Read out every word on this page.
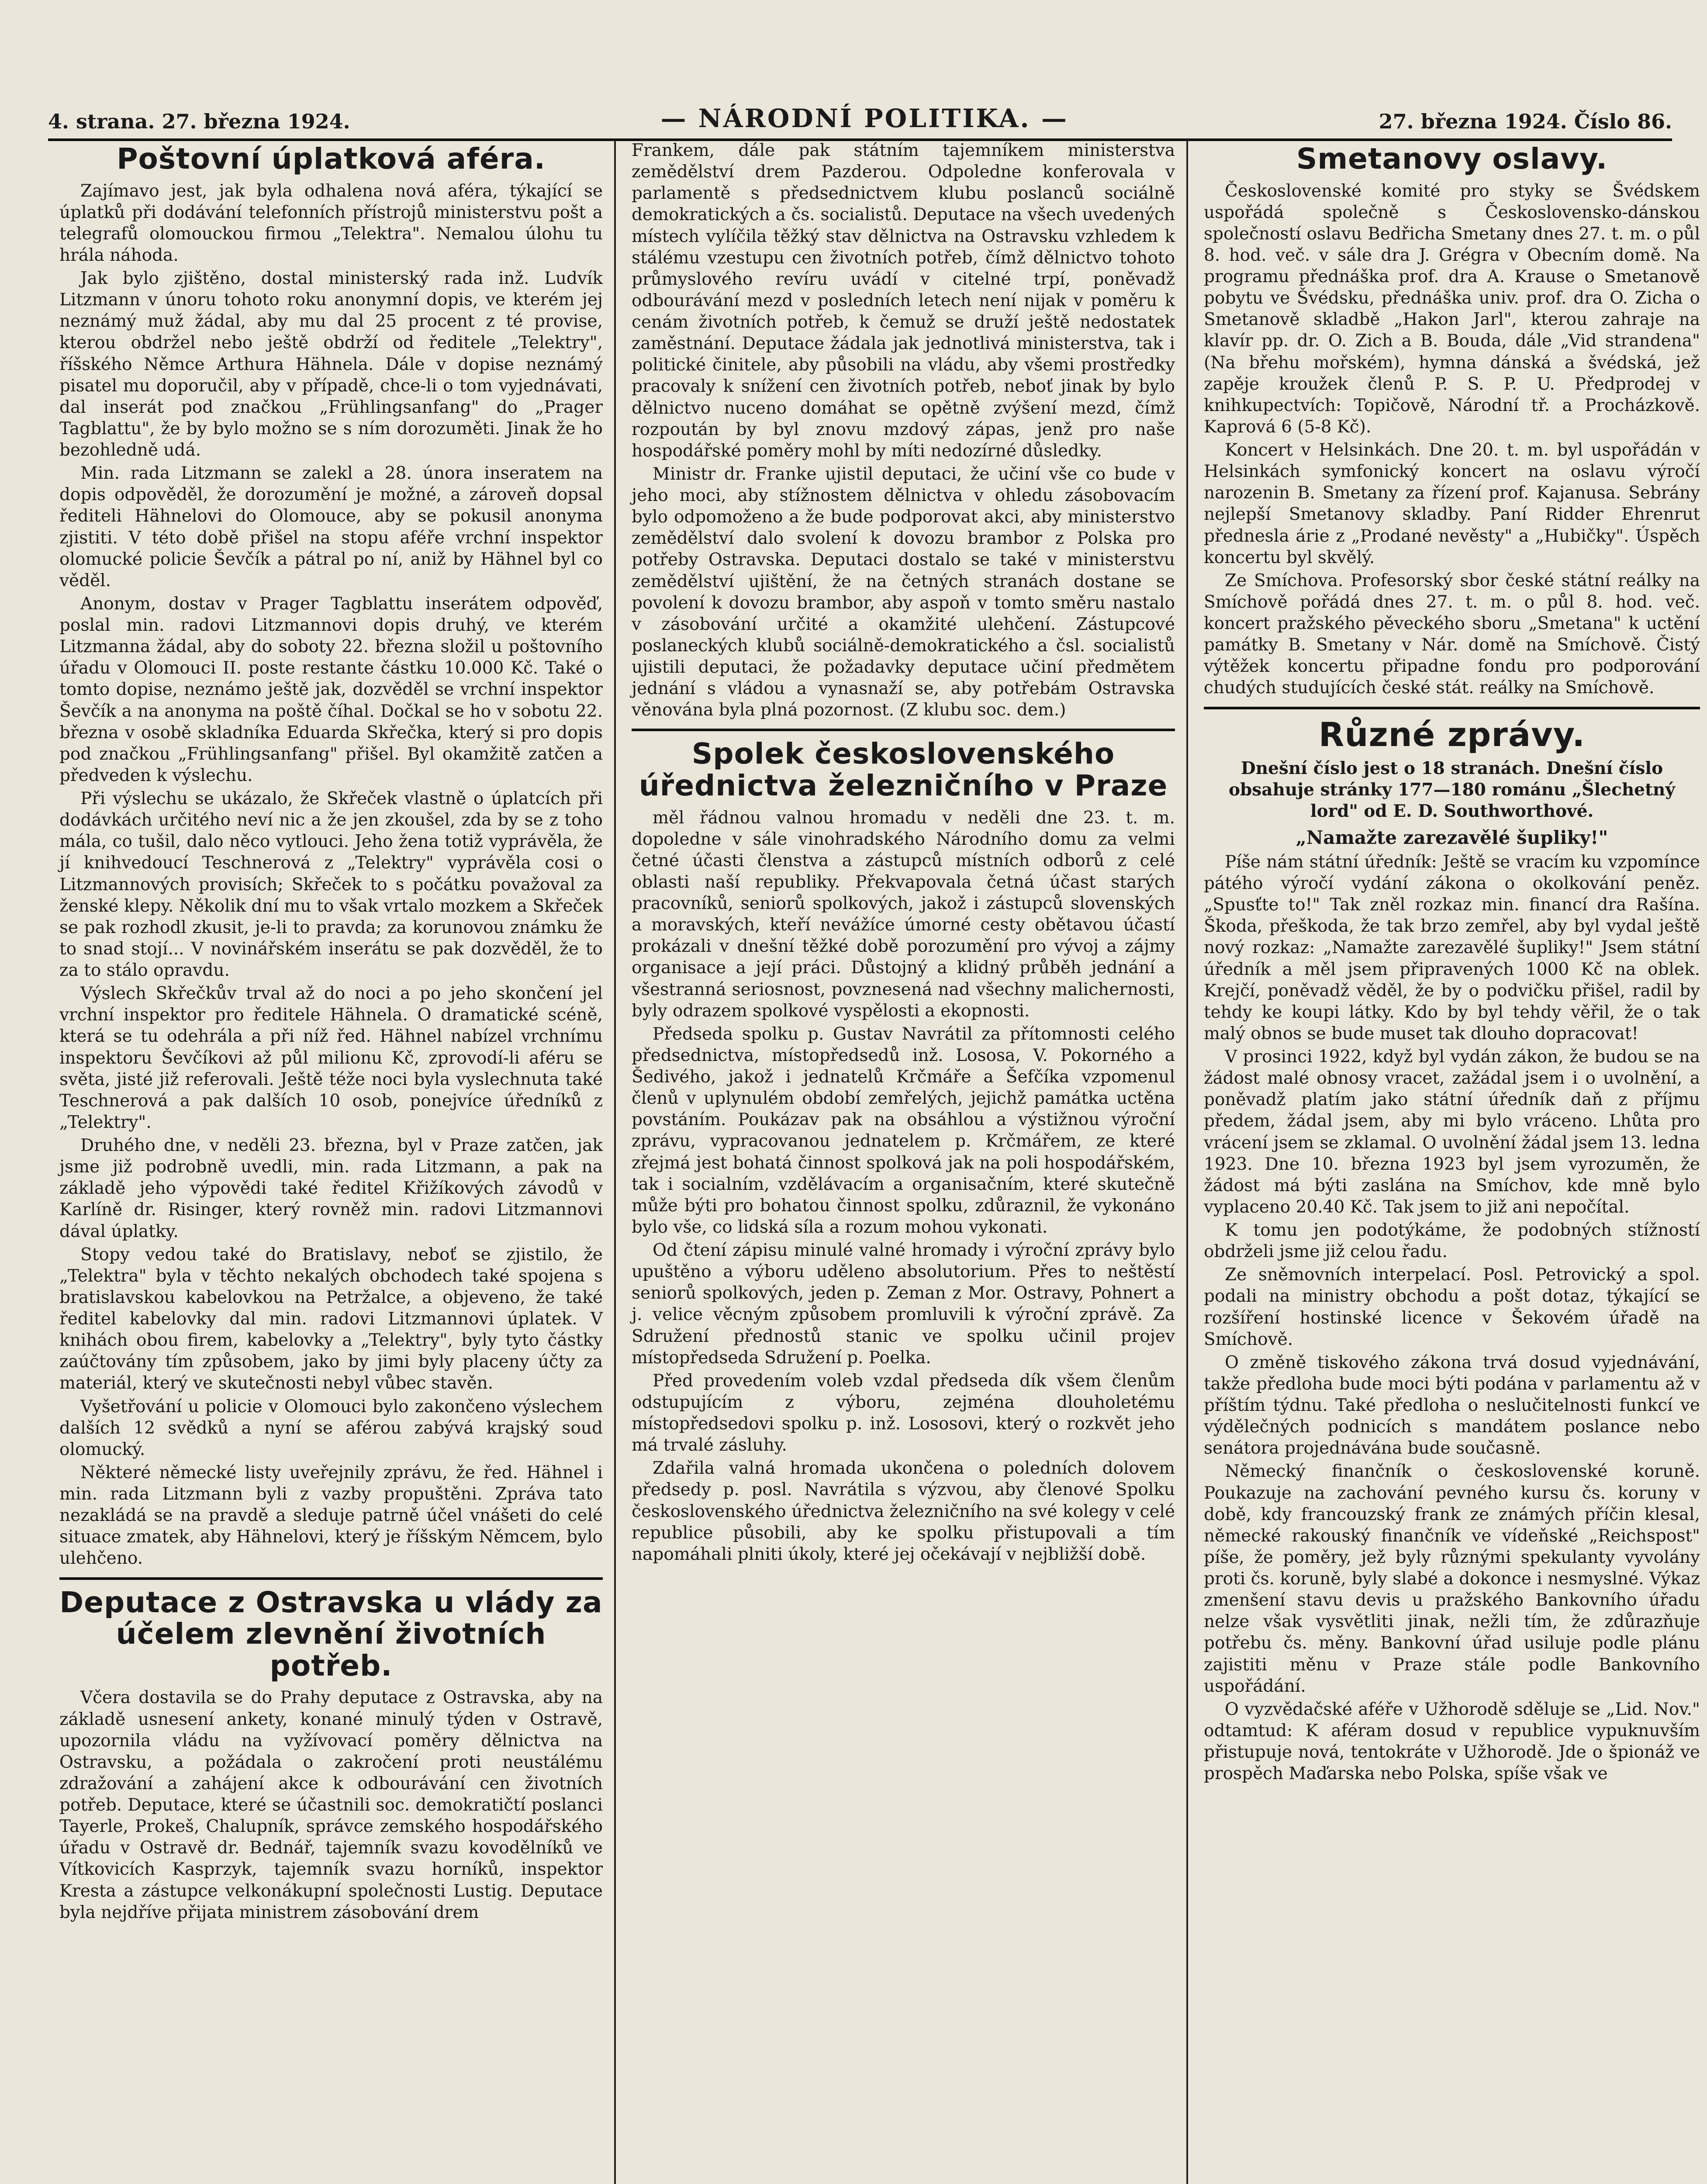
4. strana. 27. března 1924.	— NÁRODNÍ POLITIKA. —	27. března 1924. Číslo 86.
Poštovní úplatková aféra.

Zajímavo jest, jak byla odhalena nová aféra, týkající se úplatků při dodávání telefonních přístrojů ministerstvu pošt a telegrafů olomouckou firmou „Telektra". Nemalou úlohu tu hrála náhoda.

Jak bylo zjištěno, dostal ministerský rada inž. Ludvík Litzmann v únoru tohoto roku anonymní dopis, ve kterém jej neznámý muž žádal, aby mu dal 25 procent z té provise, kterou obdržel nebo ještě obdrží od ředitele „Telektry", říšského Němce Arthura Hähnela. Dále v dopise neznámý pisatel mu doporučil, aby v případě, chce-li o tom vyjednávati, dal inserát pod značkou „Frühlingsanfang" do „Prager Tagblattu", že by bylo možno se s ním dorozuměti. Jinak že ho bezohledně udá.

Min. rada Litzmann se zalekl a 28. února inseratem na dopis odpověděl, že dorozumění je možné, a zároveň dopsal řediteli Hähnelovi do Olomouce, aby se pokusil anonyma zjistiti. V této době přišel na stopu aféře vrchní inspektor olomucké policie Ševčík a pátral po ní, aniž by Hähnel byl co věděl.

Anonym, dostav v Prager Tagblattu inserátem odpověď, poslal min. radovi Litzmannovi dopis druhý, ve kterém Litzmanna žádal, aby do soboty 22. března složil u poštovního úřadu v Olomouci II. poste restante částku 10.000 Kč. Také o tomto dopise, neznámo ještě jak, dozvěděl se vrchní inspektor Ševčík a na anonyma na poště číhal. Dočkal se ho v sobotu 22. března v osobě skladníka Eduarda Skřečka, který si pro dopis pod značkou „Frühlingsanfang" přišel. Byl okamžitě zatčen a předveden k výslechu.

Při výslechu se ukázalo, že Skřeček vlastně o úplatcích při dodávkách určitého neví nic a že jen zkoušel, zda by se z toho mála, co tušil, dalo něco vytlouci. Jeho žena totiž vyprávěla, že jí knihvedoucí Teschnerová z „Telektry" vyprávěla cosi o Litzmannových provisích; Skřeček to s počátku považoval za ženské klepy. Několik dní mu to však vrtalo mozkem a Skřeček se pak rozhodl zkusit, je-li to pravda; za korunovou známku že to snad stojí... V novinářském inserátu se pak dozvěděl, že to za to stálo opravdu.

Výslech Skřečkův trval až do noci a po jeho skončení jel vrchní inspektor pro ředitele Hähnela. O dramatické scéně, která se tu odehrála a při níž řed. Hähnel nabízel vrchnímu inspektoru Ševčíkovi až půl milionu Kč, zprovodí-li aféru se světa, jisté již referovali. Ještě téže noci byla vyslechnuta také Teschnerová a pak dalších 10 osob, ponejvíce úředníků z „Telektry".

Druhého dne, v neděli 23. března, byl v Praze zatčen, jak jsme již podrobně uvedli, min. rada Litzmann, a pak na základě jeho výpovědi také ředitel Křižíkových závodů v Karlíně dr. Risinger, který rovněž min. radovi Litzmannovi dával úplatky.

Stopy vedou také do Bratislavy, neboť se zjistilo, že „Telektra" byla v těchto nekalých obchodech také spojena s bratislavskou kabelovkou na Petržalce, a objeveno, že také ředitel kabelovky dal min. radovi Litzmannovi úplatek. V knihách obou firem, kabelovky a „Telektry", byly tyto částky zaúčtovány tím způsobem, jako by jimi byly placeny účty za materiál, který ve skutečnosti nebyl vůbec stavěn.

Vyšetřování u policie v Olomouci bylo zakončeno výslechem dalších 12 svědků a nyní se aférou zabývá krajský soud olomucký.

Některé německé listy uveřejnily zprávu, že řed. Hähnel i min. rada Litzmann byli z vazby propuštěni. Zpráva tato nezakládá se na pravdě a sleduje patrně účel vnášeti do celé situace zmatek, aby Hähnelovi, který je říšským Němcem, bylo ulehčeno.

Deputace z Ostravska u vlády za účelem zlevnění životních potřeb.

Včera dostavila se do Prahy deputace z Ostravska, aby na základě usnesení ankety, konané minulý týden v Ostravě, upozornila vládu na vyžívovací poměry dělnictva na Ostravsku, a požádala o zakročení proti neustálému zdražování a zahájení akce k odbourávání cen životních potřeb. Deputace, které se účastnili soc. demokratičtí poslanci Tayerle, Prokeš, Chalupník, správce zemského hospodářského úřadu v Ostravě dr. Bednář, tajemník svazu kovodělníků ve Vítkovicích Kasprzyk, tajemník svazu horníků, inspektor Kresta a zástupce velkonákupní společnosti Lustig. Deputace byla nejdříve přijata ministrem zásobování drem

Frankem, dále pak státním tajemníkem ministerstva zemědělství drem Pazderou. Odpoledne konferovala v parlamentě s předsednictvem klubu poslanců sociálně demokratických a čs. socialistů. Deputace na všech uvedených místech vylíčila těžký stav dělnictva na Ostravsku vzhledem k stálému vzestupu cen životních potřeb, čímž dělnictvo tohoto průmyslového revíru uvádí v citelné trpí, poněvadž odbourávání mezd v posledních letech není nijak v poměru k cenám životních potřeb, k čemuž se druží ještě nedostatek zaměstnání. Deputace žádala jak jednotlivá ministerstva, tak i politické činitele, aby působili na vládu, aby všemi prostředky pracovaly k snížení cen životních potřeb, neboť jinak by bylo dělnictvo nuceno domáhat se opětně zvýšení mezd, čímž rozpoután by byl znovu mzdový zápas, jenž pro naše hospodářské poměry mohl by míti nedozírné důsledky.

Ministr dr. Franke ujistil deputaci, že učiní vše co bude v jeho moci, aby stížnostem dělnictva v ohledu zásobovacím bylo odpomoženo a že bude podporovat akci, aby ministerstvo zemědělství dalo svolení k dovozu brambor z Polska pro potřeby Ostravska. Deputaci dostalo se také v ministerstvu zemědělství ujištění, že na četných stranách dostane se povolení k dovozu brambor, aby aspoň v tomto směru nastalo v zásobování určité a okamžité ulehčení. Zástupcové poslaneckých klubů sociálně-demokratického a čsl. socialistů ujistili deputaci, že požadavky deputace učiní předmětem jednání s vládou a vynasnaží se, aby potřebám Ostravska věnována byla plná pozornost. (Z klubu soc. dem.)

Spolek československého úřednictva železničního v Praze

měl řádnou valnou hromadu v neděli dne 23. t. m. dopoledne v sále vinohradského Národního domu za velmi četné účasti členstva a zástupců místních odborů z celé oblasti naší republiky. Překvapovala četná účast starých pracovníků, seniorů spolkových, jakož i zástupců slovenských a moravských, kteří nevážíce úmorné cesty obětavou účastí prokázali v dnešní těžké době porozumění pro vývoj a zájmy organisace a její práci. Důstojný a klidný průběh jednání a všestranná seriosnost, povznesená nad všechny malichernosti, byly odrazem spolkové vyspělosti a ekopnosti.

Předseda spolku p. Gustav Navrátil za přítomnosti celého předsednictva, místopředsedů inž. Lososa, V. Pokorného a Šedivého, jakož i jednatelů Krčmáře a Šefčíka vzpomenul členů v uplynulém období zemřelých, jejichž památka uctěna povstáním. Poukázav pak na obsáhlou a výstižnou výroční zprávu, vypracovanou jednatelem p. Krčmářem, ze které zřejmá jest bohatá činnost spolková jak na poli hospodářském, tak i socialním, vzdělávacím a organisačním, které skutečně může býti pro bohatou činnost spolku, zdůraznil, že vykonáno bylo vše, co lidská síla a rozum mohou vykonati.

Od čtení zápisu minulé valné hromady i výroční zprávy bylo upuštěno a výboru uděleno absolutorium. Přes to neštěstí seniorů spolkových, jeden p. Zeman z Mor. Ostravy, Pohnert a j. velice věcným způsobem promluvili k výroční zprávě. Za Sdružení přednostů stanic ve spolku učinil projev místopředseda Sdružení p. Poelka.

Před provedením voleb vzdal předseda dík všem členům odstupujícím z výboru, zejména dlouholetému místopředsedovi spolku p. inž. Lososovi, který o rozkvět jeho má trvalé zásluhy.

Zdařila valná hromada ukončena o poledních dolovem předsedy p. posl. Navrátila s výzvou, aby členové Spolku československého úřednictva železničního na své kolegy v celé republice působili, aby ke spolku přistupovali a tím napomáhali plniti úkoly, které jej očekávají v nejbližší době.

Smetanovy oslavy.

Československé komité pro styky se Švédskem uspořádá společně s Československo-dánskou společností oslavu Bedřicha Smetany dnes 27. t. m. o půl 8. hod. več. v sále dra J. Grégra v Obecním domě. Na programu přednáška prof. dra A. Krause o Smetanově pobytu ve Švédsku, přednáška univ. prof. dra O. Zicha o Smetanově skladbě „Hakon Jarl", kterou zahraje na klavír pp. dr. O. Zich a B. Bouda, dále „Vid strandena" (Na břehu mořském), hymna dánská a švédská, jež zapěje kroužek členů P. S. P. U. Předprodej v knihkupectvích: Topičově, Národní tř. a Procházkově. Kaprová 6 (5-8 Kč).

Koncert v Helsinkách. Dne 20. t. m. byl uspořádán v Helsinkách symfonický koncert na oslavu výročí narozenin B. Smetany za řízení prof. Kajanusa. Sebrány nejlepší Smetanovy skladby. Paní Ridder Ehrenrut přednesla árie z „Prodané nevěsty" a „Hubičky". Úspěch koncertu byl skvělý.

Ze Smíchova. Profesorský sbor české státní reálky na Smíchově pořádá dnes 27. t. m. o půl 8. hod. več. koncert pražského pěveckého sboru „Smetana" k uctění památky B. Smetany v Nár. domě na Smíchově. Čistý výtěžek koncertu připadne fondu pro podporování chudých studujících české stát. reálky na Smíchově.

Různé zprávy.

Dnešní číslo jest o 18 stranách. Dnešní číslo obsahuje stránky 177—180 románu „Šlechetný lord" od E. D. Southworthové.

„Namažte zarezavělé šupliky!"

Píše nám státní úředník: Ještě se vracím ku vzpomínce pátého výročí vydání zákona o okolkování peněz. „Spusťte to!" Tak zněl rozkaz min. financí dra Rašína. Škoda, přeškoda, že tak brzo zemřel, aby byl vydal ještě nový rozkaz: „Namažte zarezavělé šupliky!" Jsem státní úředník a měl jsem připravených 1000 Kč na oblek. Krejčí, poněvadž věděl, že by o podvičku přišel, radil by tehdy ke koupi látky. Kdo by byl tehdy věřil, že o tak malý obnos se bude muset tak dlouho dopracovat!

V prosinci 1922, když byl vydán zákon, že budou se na žádost malé obnosy vracet, zažádal jsem i o uvolnění, a poněvadž platím jako státní úředník daň z příjmu předem, žádal jsem, aby mi bylo vráceno. Lhůta pro vrácení jsem se zklamal. O uvolnění žádal jsem 13. ledna 1923. Dne 10. března 1923 byl jsem vyrozuměn, že žádost má býti zaslána na Smíchov, kde mně bylo vyplaceno 20.40 Kč. Tak jsem to již ani nepočítal.

K tomu jen podotýkáme, že podobných stížností obdrželi jsme již celou řadu.

Ze sněmovních interpelací. Posl. Petrovický a spol. podali na ministry obchodu a pošt dotaz, týkající se rozšíření hostinské licence v Šekovém úřadě na Smíchově.

O změně tiskového zákona trvá dosud vyjednávání, takže předloha bude moci býti podána v parlamentu až v příštím týdnu. Také předloha o neslučitelnosti funkcí ve výdělečných podnicích s mandátem poslance nebo senátora projednávána bude současně.

Německý finančník o československé koruně. Poukazuje na zachování pevného kursu čs. koruny v době, kdy francouzský frank ze známých příčin klesal, německé rakouský finančník ve vídeňské „Reichspost" píše, že poměry, jež byly různými spekulanty vyvolány proti čs. koruně, byly slabé a dokonce i nesmyslné. Výkaz zmenšení stavu devis u pražského Bankovního úřadu nelze však vysvětliti jinak, nežli tím, že zdůrazňuje potřebu čs. měny. Bankovní úřad usiluje podle plánu zajistiti měnu v Praze stále podle Bankovního uspořádání.

O vyzvědačské aféře v Užhorodě sděluje se „Lid. Nov." odtamtud: K aféram dosud v republice vypuknuvším přistupuje nová, tentokráte v Užhorodě. Jde o špionáž ve prospěch Maďarska nebo Polska, spíše však ve
